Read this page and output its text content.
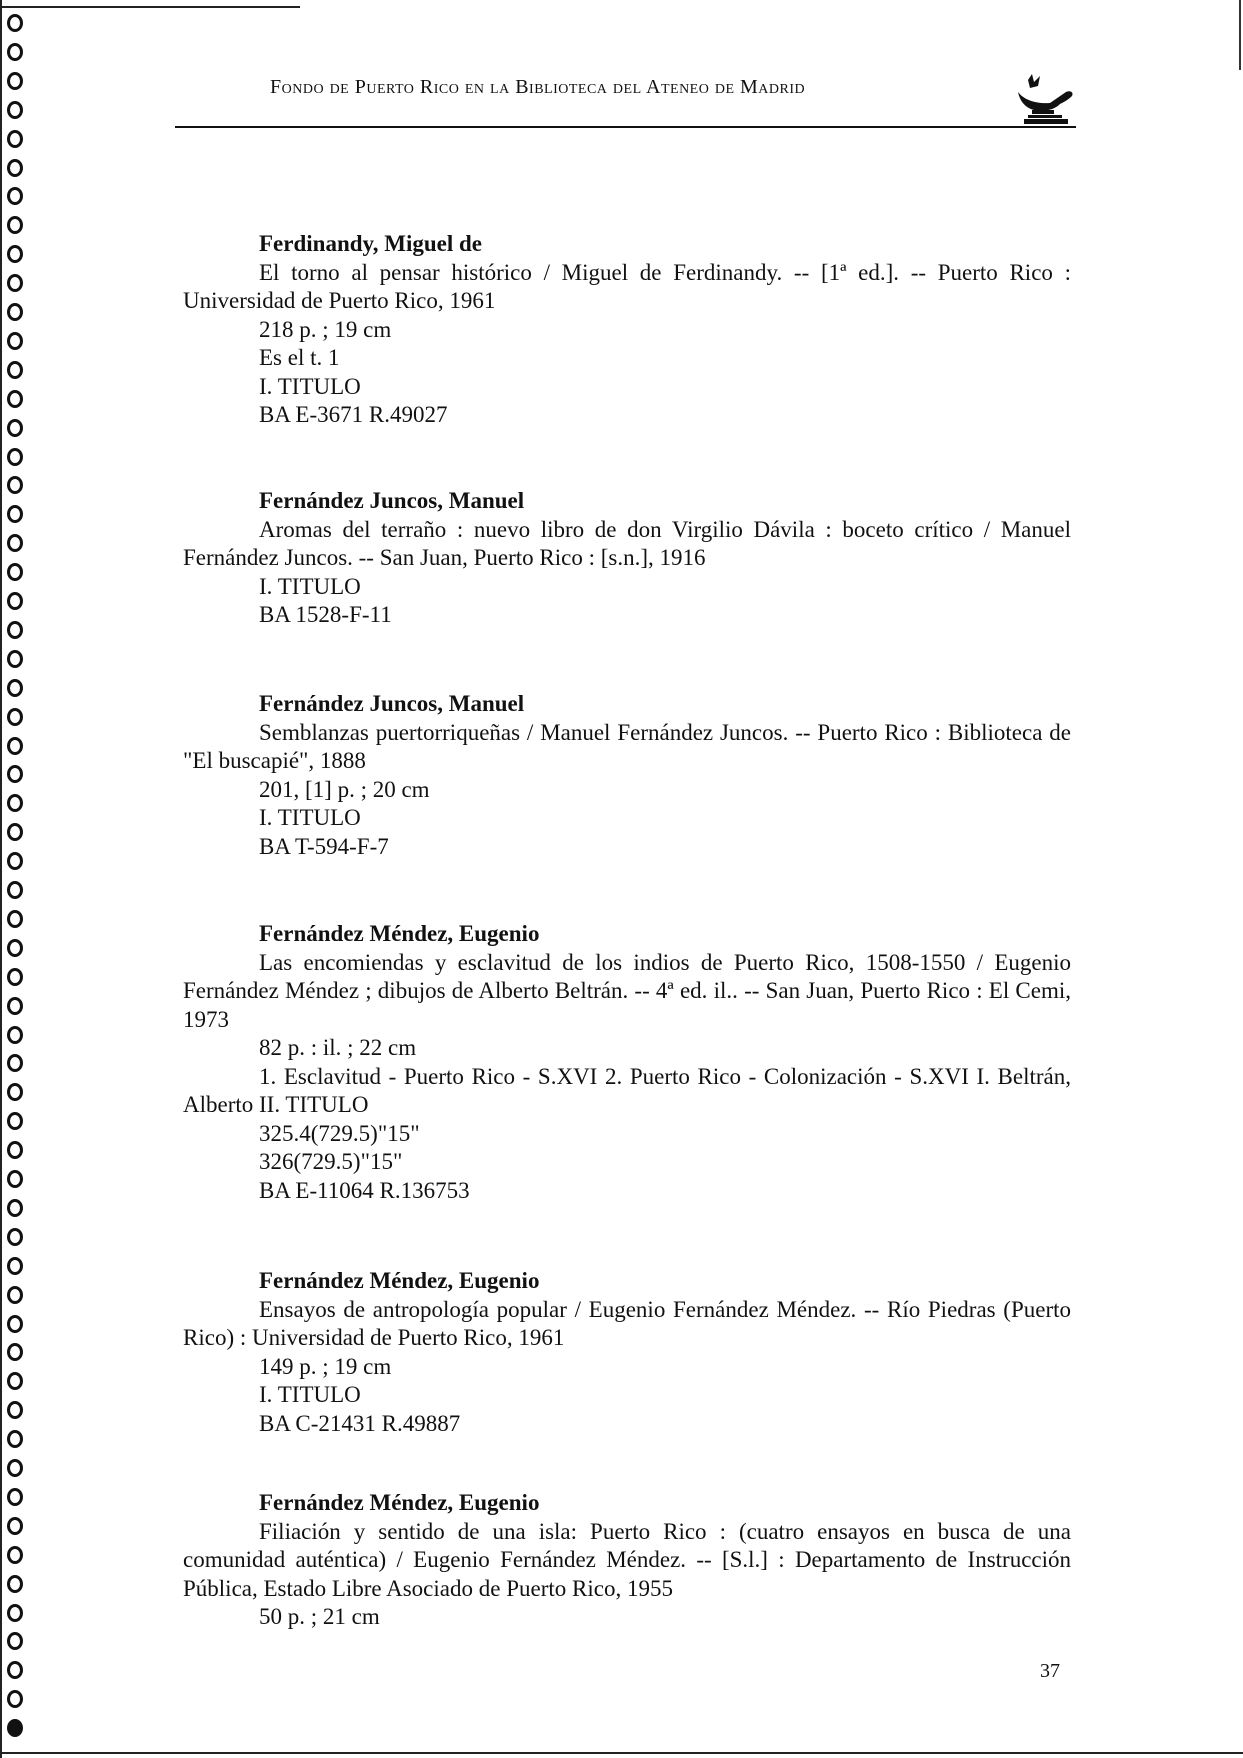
Fondo de Puerto Rico en la Biblioteca del Ateneo de Madrid
Ferdinandy, Miguel de
El torno al pensar histórico / Miguel de Ferdinandy. -- [1ª ed.]. -- Puerto Rico : Universidad de Puerto Rico, 1961
218 p. ; 19 cm
Es el t. 1
I. TITULO
BA E-3671 R.49027
Fernández Juncos, Manuel
Aromas del terraño : nuevo libro de don Virgilio Dávila : boceto crítico / Manuel Fernández Juncos. -- San Juan, Puerto Rico : [s.n.], 1916
I. TITULO
BA 1528-F-11
Fernández Juncos, Manuel
Semblanzas puertorriqueñas / Manuel Fernández Juncos. -- Puerto Rico : Biblioteca de "El buscapié", 1888
201, [1] p. ; 20 cm
I. TITULO
BA T-594-F-7
Fernández Méndez, Eugenio
Las encomiendas y esclavitud de los indios de Puerto Rico, 1508-1550 / Eugenio Fernández Méndez ; dibujos de Alberto Beltrán. -- 4ª ed. il.. -- San Juan, Puerto Rico : El Cemi, 1973
82 p. : il. ; 22 cm
1. Esclavitud - Puerto Rico - S.XVI 2. Puerto Rico - Colonización - S.XVI I. Beltrán, Alberto II. TITULO
325.4(729.5)"15"
326(729.5)"15"
BA E-11064 R.136753
Fernández Méndez, Eugenio
Ensayos de antropología popular / Eugenio Fernández Méndez. -- Río Piedras (Puerto Rico) : Universidad de Puerto Rico, 1961
149 p. ; 19 cm
I. TITULO
BA C-21431 R.49887
Fernández Méndez, Eugenio
Filiación y sentido de una isla: Puerto Rico : (cuatro ensayos en busca de una comunidad auténtica) / Eugenio Fernández Méndez. -- [S.l.] : Departamento de Instrucción Pública, Estado Libre Asociado de Puerto Rico, 1955
50 p. ; 21 cm
37
